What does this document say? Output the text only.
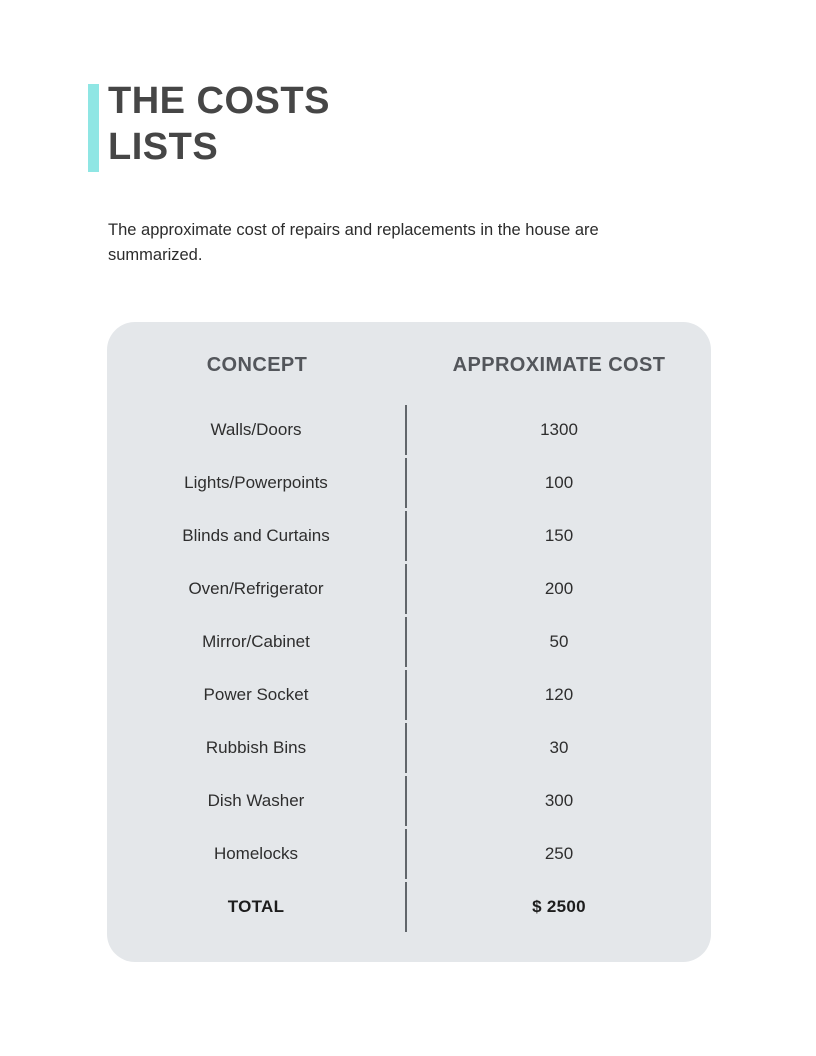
THE COSTS
LISTS

The approximate cost of repairs and replacements in the house are summarized.

CONCEPT	APPROXIMATE COST
Walls/Doors	1300
Lights/Powerpoints	100
Blinds and Curtains	150
Oven/Refrigerator	200
Mirror/Cabinet	50
Power Socket	120
Rubbish Bins	30
Dish Washer	300
Homelocks	250
TOTAL	$ 2500
